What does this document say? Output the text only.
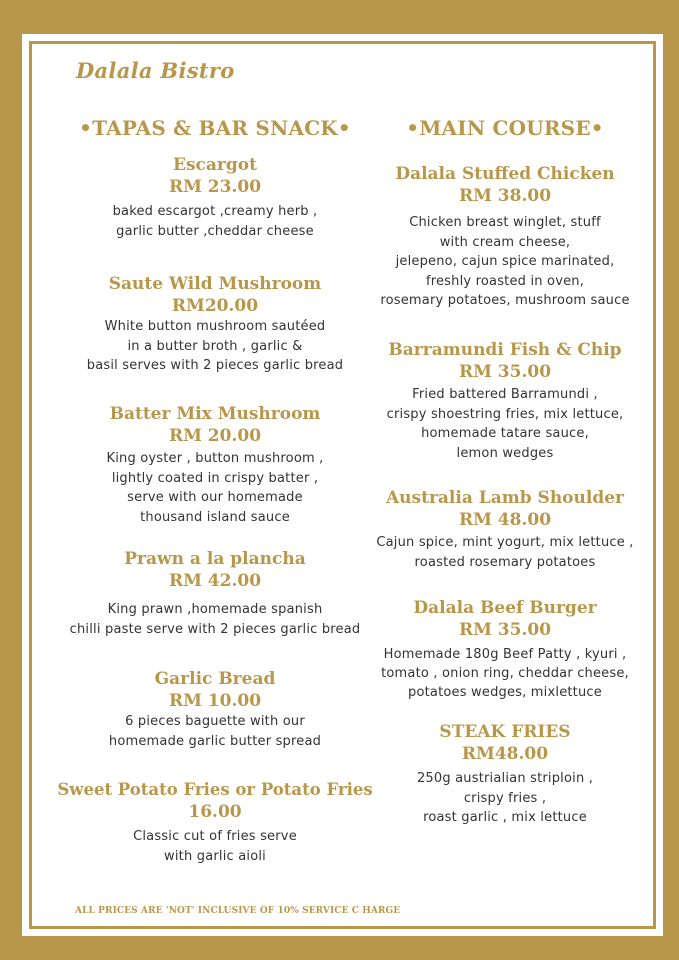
Dalala Bistro
•TAPAS & BAR SNACK•
Escargot
RM 23.00
baked escargot ,creamy herb ,
garlic butter ,cheddar cheese
Saute Wild Mushroom
RM20.00
White button mushroom sautéed
in a butter broth , garlic &
basil serves with 2 pieces garlic bread
Batter Mix Mushroom
RM 20.00
King oyster , button mushroom ,
lightly coated in crispy batter ,
serve with our homemade
thousand island sauce
Prawn a la plancha
RM 42.00
King prawn ,homemade spanish
chilli paste serve with 2 pieces garlic bread
Garlic Bread
RM 10.00
6 pieces baguette with our
homemade garlic butter spread
Sweet Potato Fries or Potato Fries
16.00
Classic cut of fries serve
with garlic aioli
•MAIN COURSE•
Dalala Stuffed Chicken
RM 38.00
Chicken breast winglet, stuff
with cream cheese,
jelepeno, cajun spice marinated,
freshly roasted in oven,
rosemary potatoes, mushroom sauce
Barramundi Fish & Chip
RM 35.00
Fried battered Barramundi ,
crispy shoestring fries, mix lettuce,
homemade tatare sauce,
lemon wedges
Australia Lamb Shoulder
RM 48.00
Cajun spice, mint yogurt, mix lettuce ,
roasted rosemary potatoes
Dalala Beef Burger
RM 35.00
Homemade 180g Beef Patty , kyuri ,
tomato , onion ring, cheddar cheese,
potatoes wedges, mixlettuce
STEAK FRIES
RM48.00
250g austrialian striploin ,
crispy fries ,
roast garlic , mix lettuce
ALL PRICES ARE 'NOT' INCLUSIVE OF 10% SERVICE C HARGE
